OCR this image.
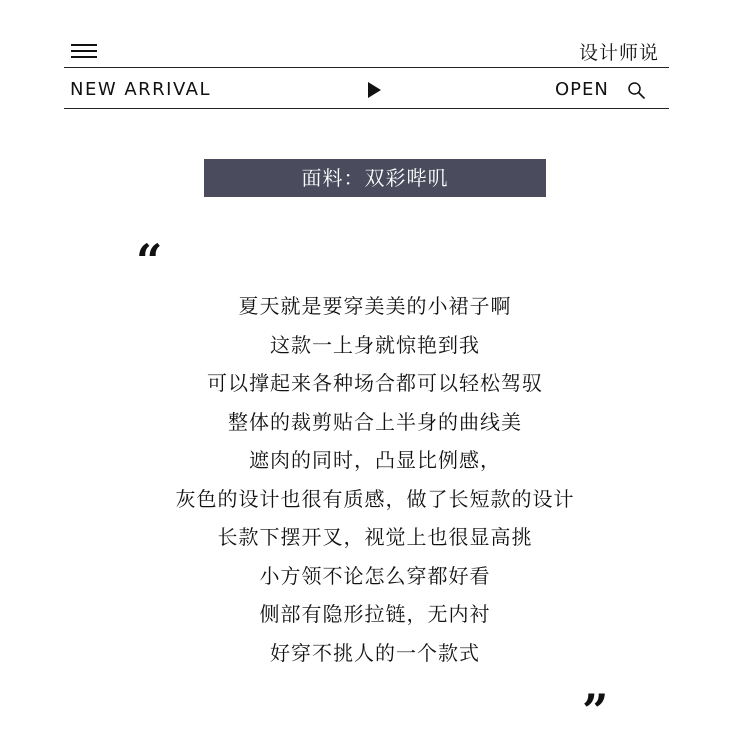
设计师说
NEW ARRIVAL	OPEN
面料：双彩哔叽
“
夏天就是要穿美美的小裙子啊
这款一上身就惊艳到我
可以撑起来各种场合都可以轻松驾驭
整体的裁剪贴合上半身的曲线美
遮肉的同时，凸显比例感，
灰色的设计也很有质感，做了长短款的设计
长款下摆开叉，视觉上也很显高挑
小方领不论怎么穿都好看
侧部有隐形拉链，无内衬
好穿不挑人的一个款式
”
